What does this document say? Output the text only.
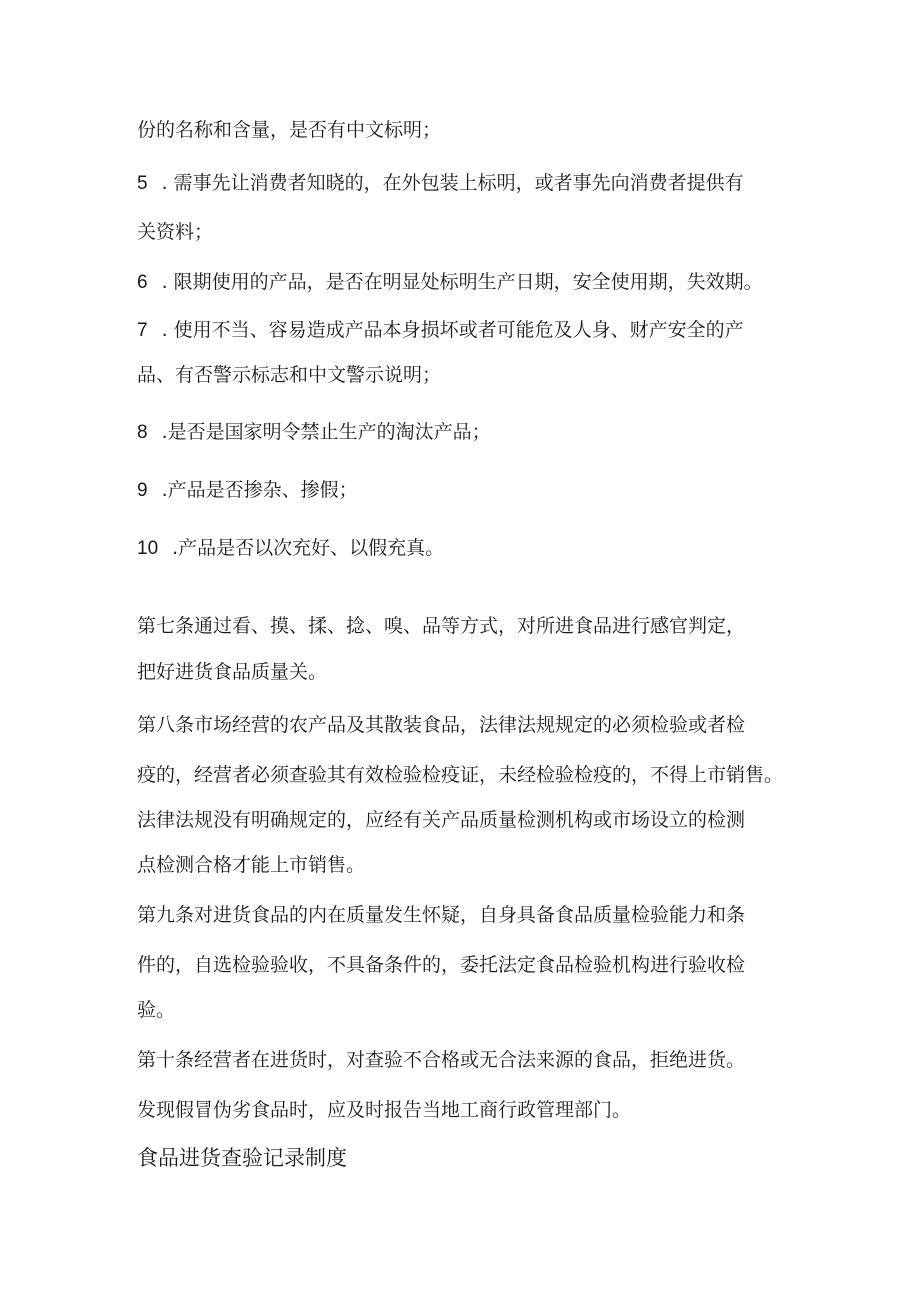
份的名称和含量，是否有中文标明；

5 . 需事先让消费者知晓的，在外包装上标明，或者事先向消费者提供有

关资料；

6 . 限期使用的产品，是否在明显处标明生产日期，安全使用期，失效期。

7 . 使用不当、容易造成产品本身损坏或者可能危及人身、财产安全的产

品、有否警示标志和中文警示说明；

8 .是否是国家明令禁止生产的淘汰产品；

9 .产品是否掺杂、掺假；

10 .产品是否以次充好、以假充真。

第七条通过看、摸、揉、捻、嗅、品等方式，对所进食品进行感官判定，

把好进货食品质量关。

第八条市场经营的农产品及其散装食品，法律法规规定的必须检验或者检

疫的，经营者必须查验其有效检验检疫证，未经检验检疫的，不得上市销售。

法律法规没有明确规定的，应经有关产品质量检测机构或市场设立的检测

点检测合格才能上市销售。

第九条对进货食品的内在质量发生怀疑，自身具备食品质量检验能力和条

件的，自选检验验收，不具备条件的，委托法定食品检验机构进行验收检

验。

第十条经营者在进货时，对查验不合格或无合法来源的食品，拒绝进货。

发现假冒伪劣食品时，应及时报告当地工商行政管理部门。

食品进货查验记录制度
